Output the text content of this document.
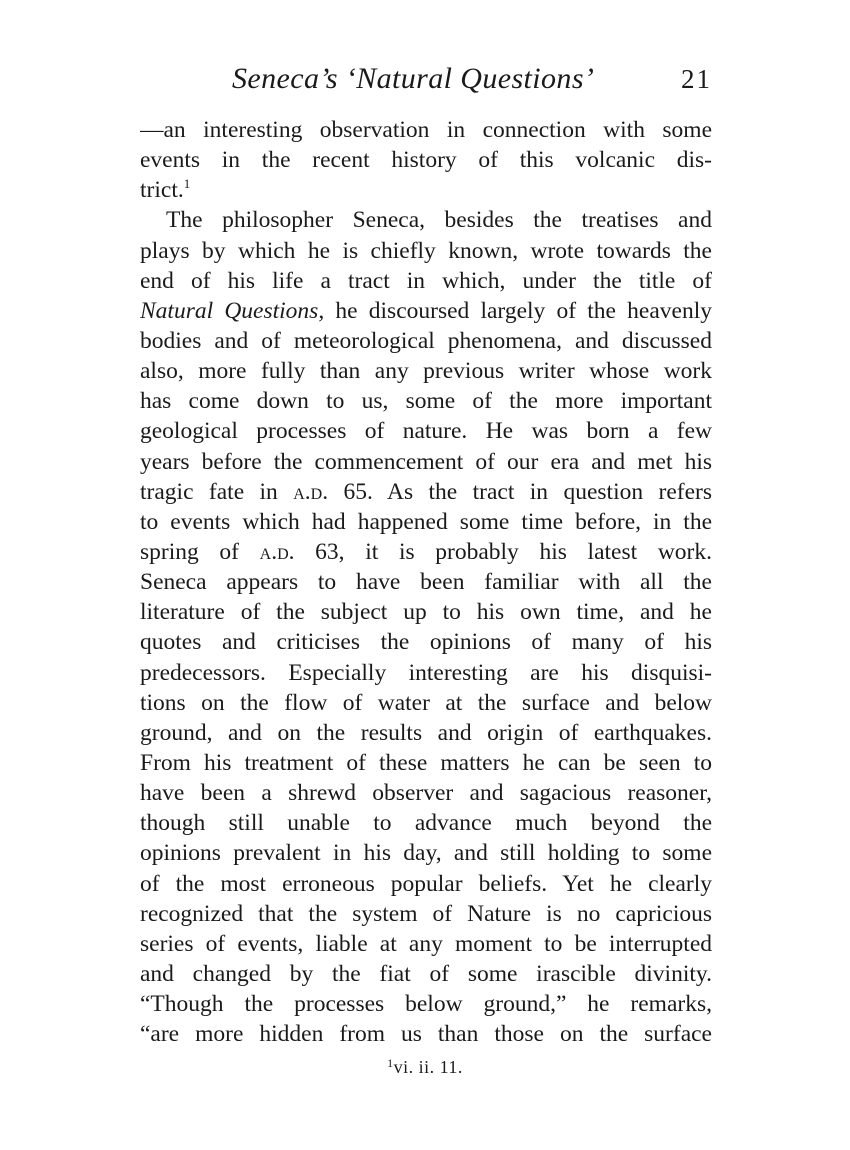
Seneca’s ‘Natural Questions’	21
—an interesting observation in connection with some
events in the recent history of this volcanic dis-
trict.$^1$
The philosopher Seneca, besides the treatises and
plays by which he is chiefly known, wrote towards the
end of his life a tract in which, under the title of
Natural Questions, he discoursed largely of the heavenly
bodies and of meteorological phenomena, and discussed
also, more fully than any previous writer whose work
has come down to us, some of the more important
geological processes of nature. He was born a few
years before the commencement of our era and met his
tragic fate in a.d. 65. As the tract in question refers
to events which had happened some time before, in the
spring of a.d. 63, it is probably his latest work.
Seneca appears to have been familiar with all the
literature of the subject up to his own time, and he
quotes and criticises the opinions of many of his
predecessors. Especially interesting are his disquisi-
tions on the flow of water at the surface and below
ground, and on the results and origin of earthquakes.
From his treatment of these matters he can be seen to
have been a shrewd observer and sagacious reasoner,
though still unable to advance much beyond the
opinions prevalent in his day, and still holding to some
of the most erroneous popular beliefs. Yet he clearly
recognized that the system of Nature is no capricious
series of events, liable at any moment to be interrupted
and changed by the fiat of some irascible divinity.
“Though the processes below ground,” he remarks,
“are more hidden from us than those on the surface
$^1$vi. ii. 11.
